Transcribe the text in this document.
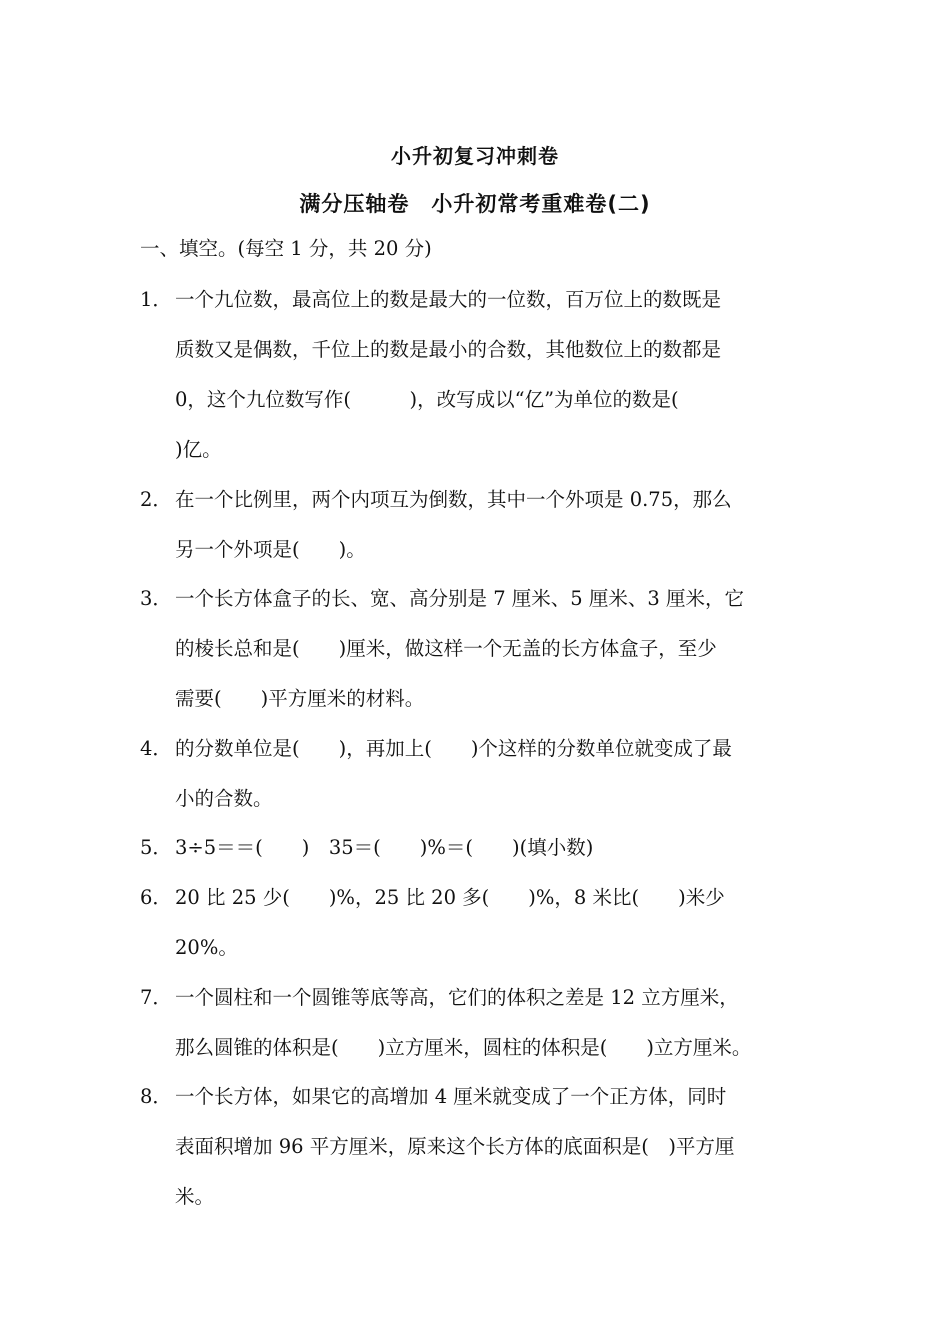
小升初复习冲刺卷
满分压轴卷　小升初常考重难卷(二)

一、填空。(每空 1 分，共 20 分)

1． 一个九位数，最高位上的数是最大的一位数，百万位上的数既是

质数又是偶数，千位上的数是最小的合数，其他数位上的数都是

0，这个九位数写作(　　　)，改写成以“亿”为单位的数是(

)亿。

2． 在一个比例里，两个内项互为倒数，其中一个外项是 0.75，那么

另一个外项是(　　)。

3． 一个长方体盒子的长、宽、高分别是 7 厘米、5 厘米、3 厘米，它

的棱长总和是(　　)厘米，做这样一个无盖的长方体盒子，至少

需要(　　)平方厘米的材料。

4． 的分数单位是(　　)，再加上(　　)个这样的分数单位就变成了最

小的合数。

5． 3÷5＝＝(　　)　35＝(　　)%＝(　　)(填小数)

6． 20 比 25 少(　　)%，25 比 20 多(　　)%，8 米比(　　)米少

20%。

7． 一个圆柱和一个圆锥等底等高，它们的体积之差是 12 立方厘米，

那么圆锥的体积是(　　)立方厘米，圆柱的体积是(　　)立方厘米。

8． 一个长方体，如果它的高增加 4 厘米就变成了一个正方体，同时

表面积增加 96 平方厘米，原来这个长方体的底面积是(　)平方厘

米。
